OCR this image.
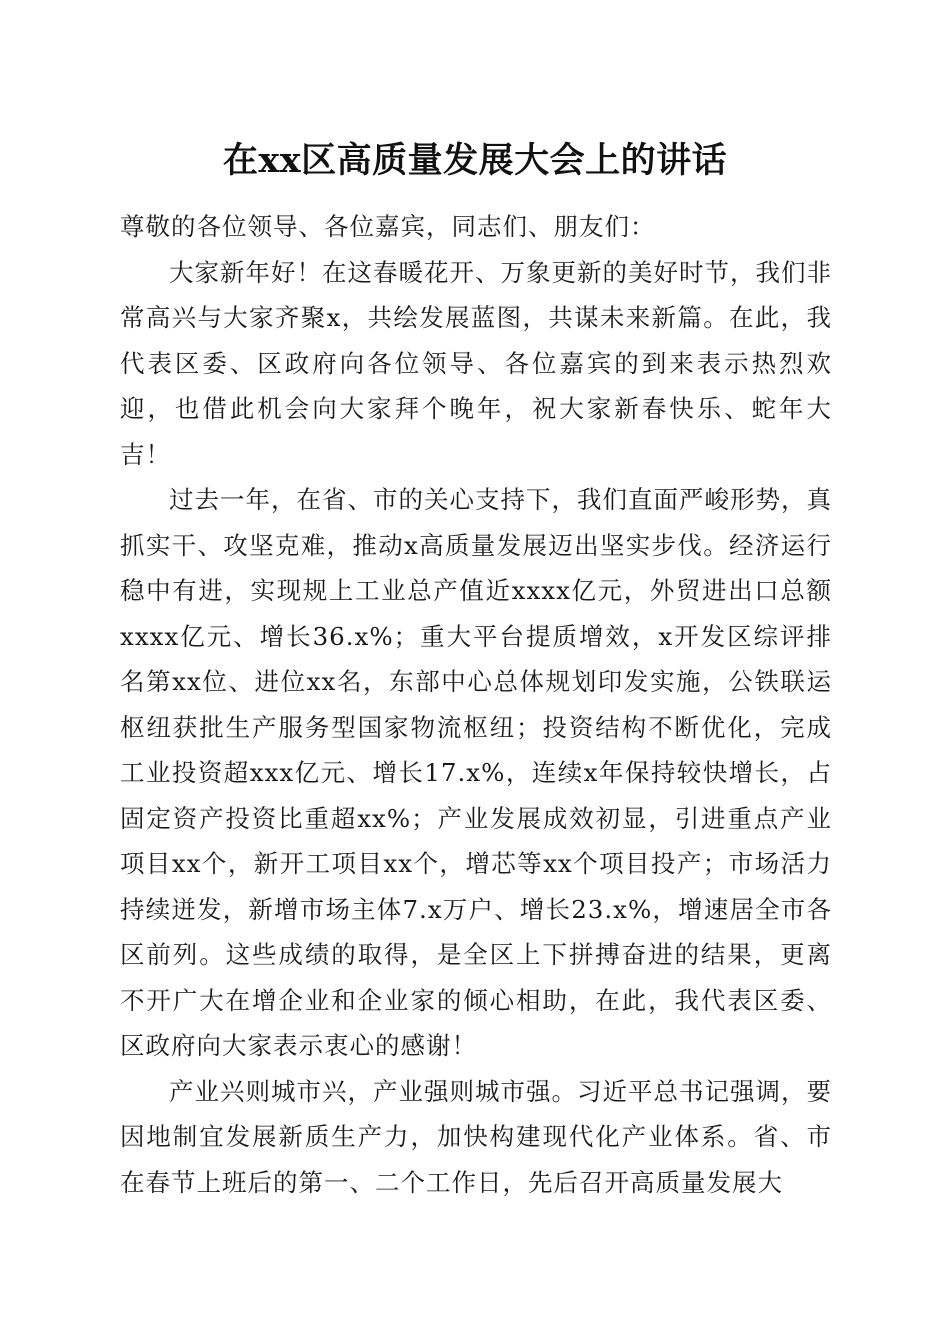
在xx区高质量发展大会上的讲话

尊敬的各位领导、各位嘉宾，同志们、朋友们：

大家新年好！在这春暖花开、万象更新的美好时节，我们非常高兴与大家齐聚x，共绘发展蓝图，共谋未来新篇。在此，我代表区委、区政府向各位领导、各位嘉宾的到来表示热烈欢迎，也借此机会向大家拜个晚年，祝大家新春快乐、蛇年大吉！

过去一年，在省、市的关心支持下，我们直面严峻形势，真抓实干、攻坚克难，推动x高质量发展迈出坚实步伐。经济运行稳中有进，实现规上工业总产值近xxxx亿元，外贸进出口总额xxxx亿元、增长36.x%；重大平台提质增效，x开发区综评排名第xx位、进位xx名，东部中心总体规划印发实施，公铁联运枢纽获批生产服务型国家物流枢纽；投资结构不断优化，完成工业投资超xxx亿元、增长17.x%，连续x年保持较快增长，占固定资产投资比重超xx%；产业发展成效初显，引进重点产业项目xx个，新开工项目xx个，增芯等xx个项目投产；市场活力持续迸发，新增市场主体7.x万户、增长23.x%，增速居全市各区前列。这些成绩的取得，是全区上下拼搏奋进的结果，更离不开广大在增企业和企业家的倾心相助，在此，我代表区委、区政府向大家表示衷心的感谢！

产业兴则城市兴，产业强则城市强。习近平总书记强调，要因地制宜发展新质生产力，加快构建现代化产业体系。省、市在春节上班后的第一、二个工作日，先后召开高质量发展大
